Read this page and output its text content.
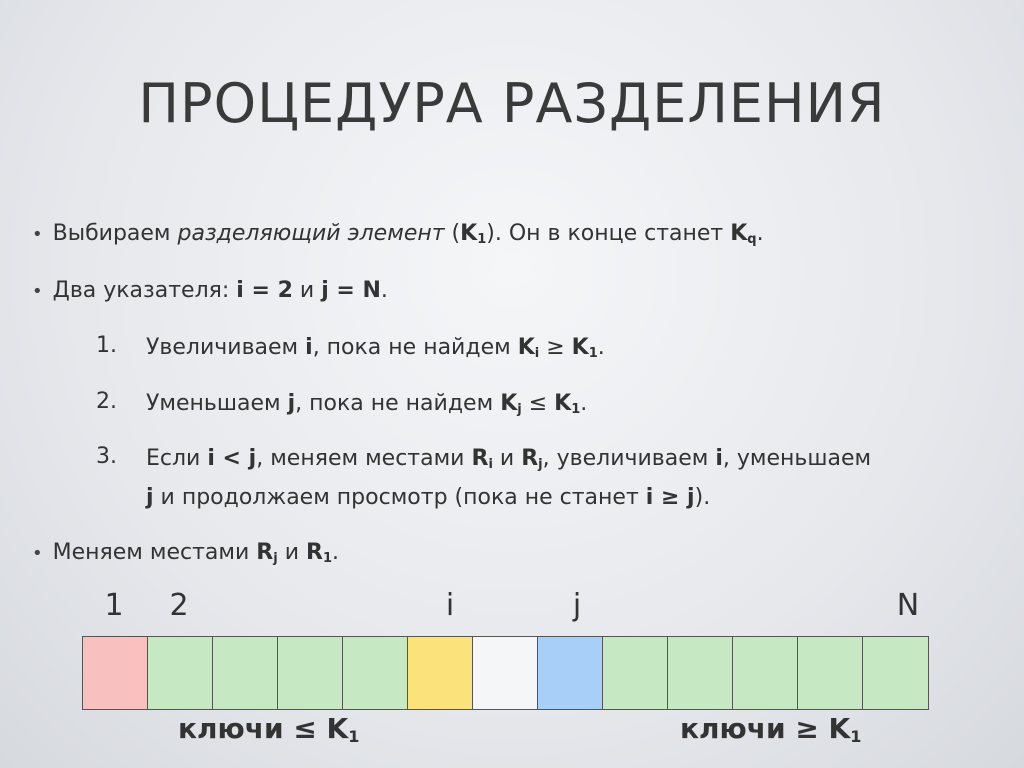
ПРОЦЕДУРА РАЗДЕЛЕНИЯ
• Выбираем разделяющий элемент $(K_1)$. Он в конце станет $K_q$.
• Два указателя: i = 2 и j = N.
1. Увеличиваем i, пока не найдем $K_i \ge K_1$.
2. Уменьшаем j, пока не найдем $K_j \le K_1$.
3. Если i < j, меняем местами $R_i$ и $R_j$, увеличиваем i, уменьшаем
j и продолжаем просмотр (пока не станет i ≥ j).
• Меняем местами $R_j$ и $R_1$.
1	2	i	j	N
ключи ≤ $K_1$	ключи ≥ $K_1$
